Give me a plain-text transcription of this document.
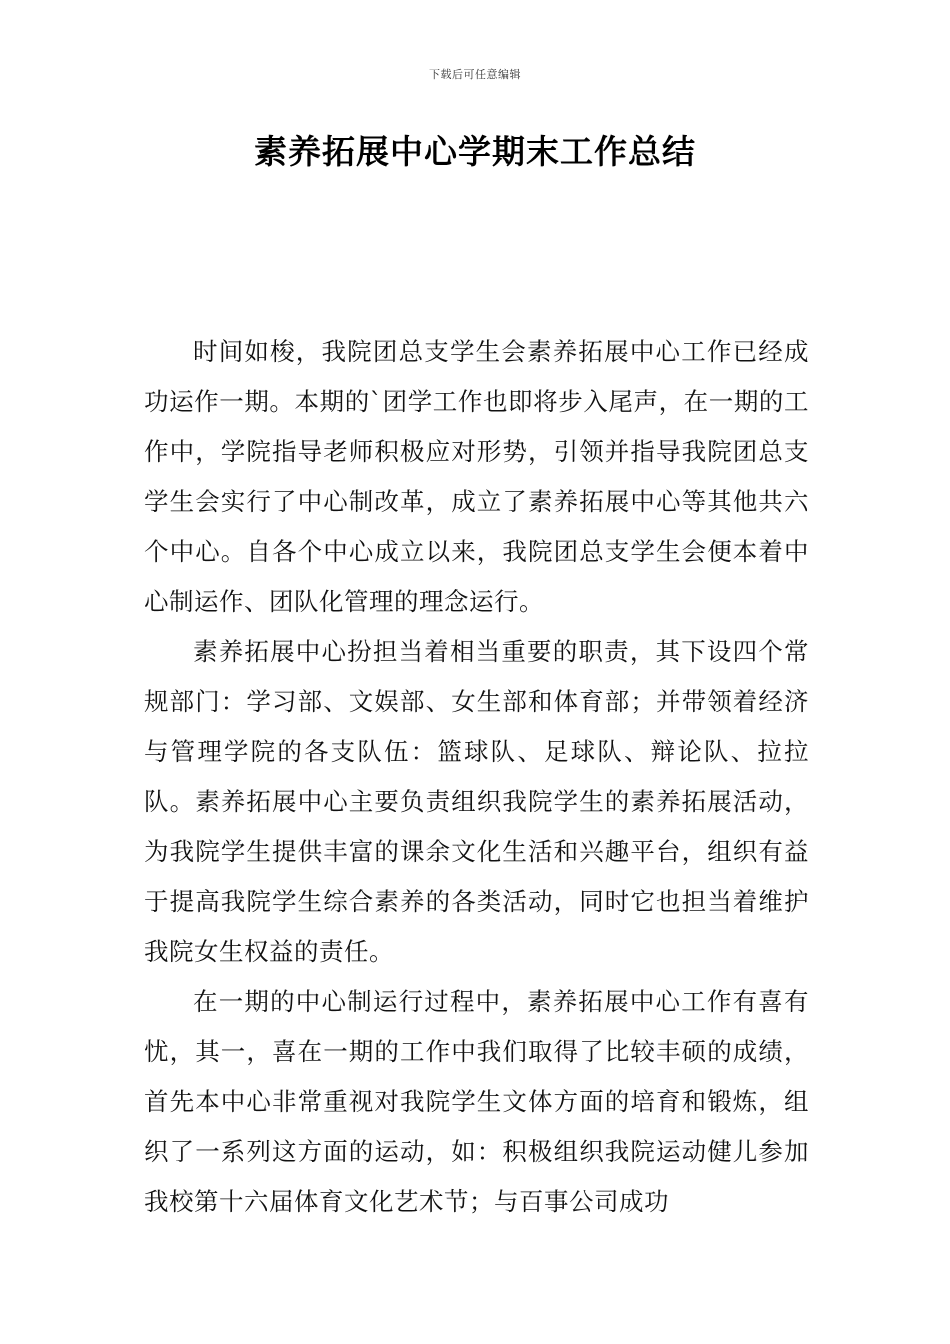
下载后可任意编辑
素养拓展中心学期末工作总结

时间如梭，我院团总支学生会素养拓展中心工作已经成功运作一期。本期的`团学工作也即将步入尾声，在一期的工作中，学院指导老师积极应对形势，引领并指导我院团总支学生会实行了中心制改革，成立了素养拓展中心等其他共六个中心。自各个中心成立以来，我院团总支学生会便本着中心制运作、团队化管理的理念运行。

素养拓展中心扮担当着相当重要的职责，其下设四个常规部门：学习部、文娱部、女生部和体育部；并带领着经济与管理学院的各支队伍：篮球队、足球队、辩论队、拉拉队。素养拓展中心主要负责组织我院学生的素养拓展活动，为我院学生提供丰富的课余文化生活和兴趣平台，组织有益于提高我院学生综合素养的各类活动，同时它也担当着维护我院女生权益的责任。

在一期的中心制运行过程中，素养拓展中心工作有喜有忧，其一，喜在一期的工作中我们取得了比较丰硕的成绩，首先本中心非常重视对我院学生文体方面的培育和锻炼，组织了一系列这方面的运动，如：积极组织我院运动健儿参加我校第十六届体育文化艺术节；与百事公司成功
